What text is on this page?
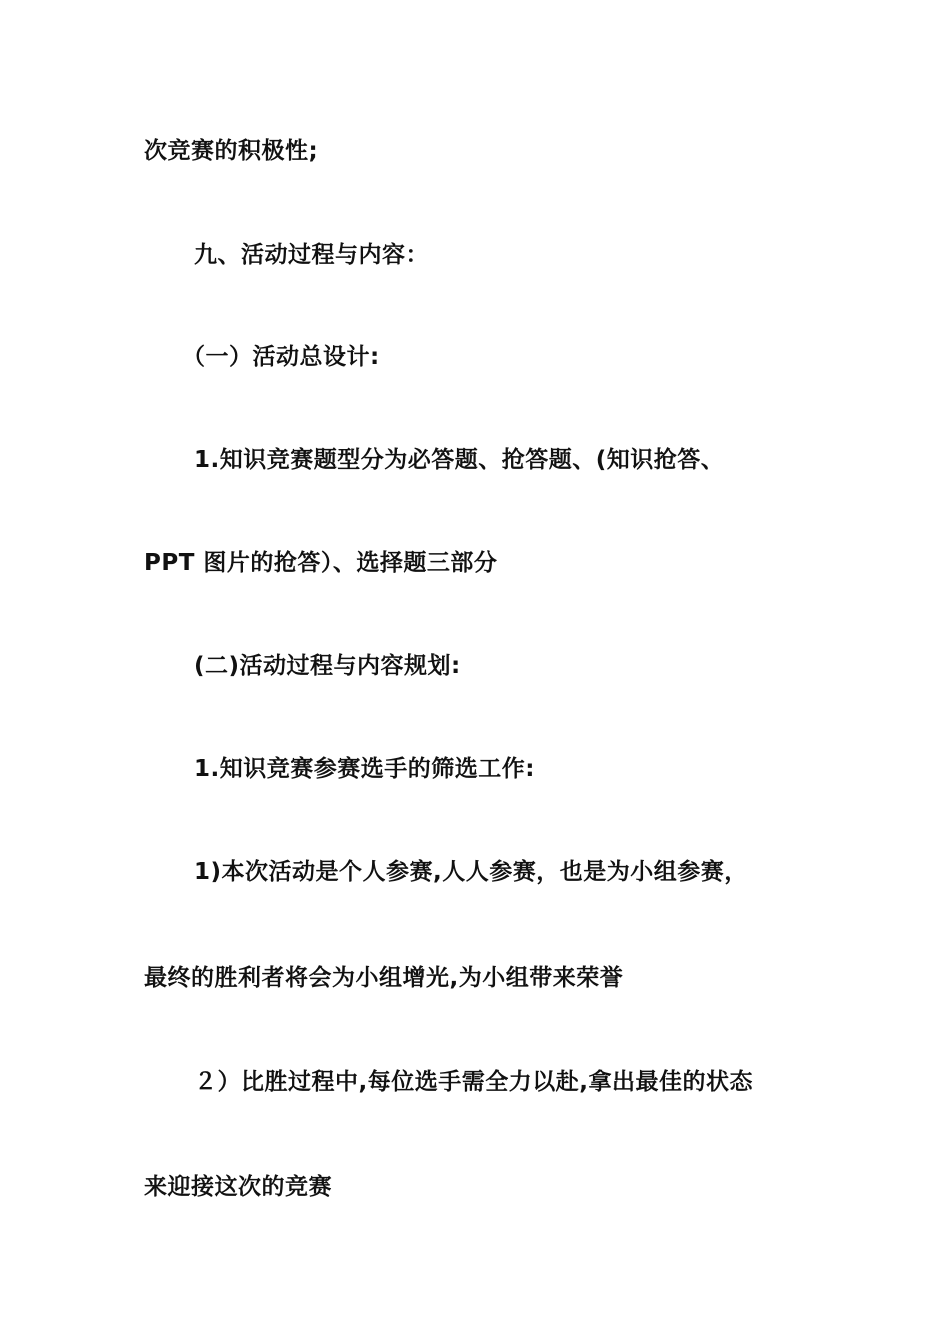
次竞赛的积极性;
九、活动过程与内容：
（一）活动总设计:
1.知识竞赛题型分为必答题、抢答题、(知识抢答、
PPT 图片的抢答）、选择题三部分
(二)活动过程与内容规划:
1.知识竞赛参赛选手的筛选工作:
1)本次活动是个人参赛,人人参赛，也是为小组参赛，
最终的胜利者将会为小组增光,为小组带来荣誉
２）比胜过程中,每位选手需全力以赴,拿出最佳的状态
来迎接这次的竞赛
